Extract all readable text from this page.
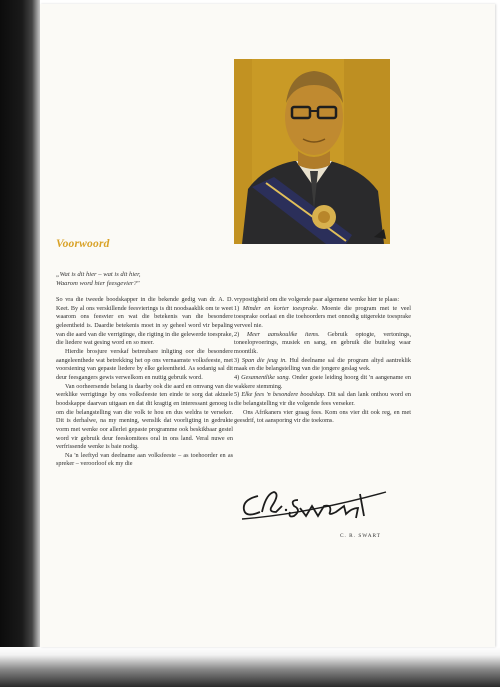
Voorwoord
„Wat is dit hier – wat is dit hier,
Waarom word hier feesgevier?"

So vra die tweede boodskapper in die bekende gedig van dr. A. D. Keet. By al ons verskillende feesvierings is dit noodsaaklik om te weet waarom ons feesvier en wat die betekenis van die besondere geleentheid is. Daardie betekenis moet in sy geheel word vir bepaling van die aard van die verrigtinge, die rigting in die gelewerde toesprake, die liedere wat gesing word en so meer.

Hierdie brosjure verskaf betreubare inligting oor die besondere aangeleenthede wat betrekking het op ons vernaamste volksfeeste, met voorsiening van gepaste liedere by elke geleentheid. As sodanig sal dit deur feesgangers gewis verwelkom en nuttig gebruik word.

Van oorheersende belang is daarby ook die aard en omvang van die werklike verrigtinge by ons volksfeeste ten einde te sorg dat aktuele boodskappe daarvan uitgaan en dat dit kragtig en interessant genoeg is om die belangstelling van die volk te hou en dus weldra te verseker. Dit is derhalwe, na my mening, wenslik dat voorligting in gedrukte vorm met wenke oor allerlei gepaste programme ook beskikbaar gestel word vir gebruik deur feeskomitees oral in ons land. Veral nuwe en verfrissende wenke is baie nodig.

Na 'n leeftyd van deelname aan volksfeeste – as toehoorder en as spreker – veroorloof ek my die

vrypostigheid om die volgende paar algemene wenke hier te plaas:

1) Minder en korter toesprake. Moenie die program met te veel toesprake oorlaai en die toehoorders met onnodig uitgerekte toesprake verveel nie.

2) Meer aanskoulike items. Gebruik optogte, vertonings, toneelopvoerings, musiek en sang, en gebruik die buiteleg waar moontlik.

3) Span die jeug in. Hul deelname sal die program altyd aantreklik maak en die belangstelling van die jongere geslag wek.

4) Gesamentlike sang. Onder goeie leiding hoorg dit 'n aangename en wakkere stemming.

5) Elke fees 'n besondere boodskap. Dit sal dan lank onthou word en die belangstelling vir die volgende fees verseker.

Ons Afrikaners vier graag fees. Kom ons vier dit ook reg, en met geesdrif, tot aansporing vir die toekoms.

C. R. SWART
